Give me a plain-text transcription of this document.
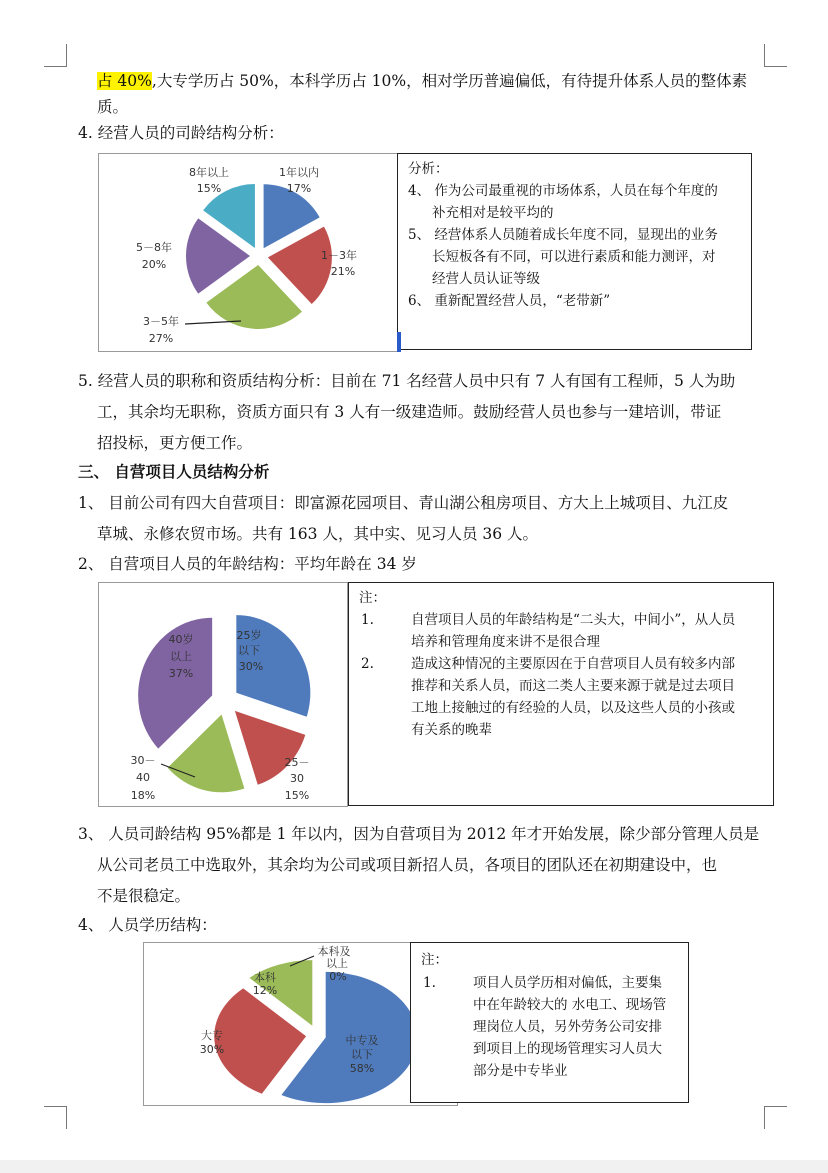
占 40%,大专学历占 50%，本科学历占 10%，相对学历普遍偏低，有待提升体系人员的整体素
质。
4. 经营人员的司龄结构分析：
8年以上
15%
1年以内
17%
1－3年
21%
5－8年
20%
3－5年
27%
分析：
4、 作为公司最重视的市场体系，人员在每个年度的
补充相对是较平均的
5、 经营体系人员随着成长年度不同，显现出的业务
长短板各有不同，可以进行素质和能力测评，对
经营人员认证等级
6、 重新配置经营人员，“老带新”
5. 经营人员的职称和资质结构分析：目前在 71 名经营人员中只有 7 人有国有工程师，5 人为助
工，其余均无职称，资质方面只有 3 人有一级建造师。鼓励经营人员也参与一建培训，带证
招投标，更方便工作。
三、 自营项目人员结构分析
1、 目前公司有四大自营项目：即富源花园项目、青山湖公租房项目、方大上上城项目、九江皮
草城、永修农贸市场。共有 163 人，其中实、见习人员 36 人。
2、 自营项目人员的年龄结构：平均年龄在 34 岁
25岁
以下
30%
40岁
以上
37%
25－
30
15%
30－
40
18%
注：
1.	自营项目人员的年龄结构是“二头大，中间小”，从人员
培养和管理角度来讲不是很合理
2.	造成这种情况的主要原因在于自营项目人员有较多内部
推荐和关系人员，而这二类人主要来源于就是过去项目
工地上接触过的有经验的人员，以及这些人员的小孩或
有关系的晚辈
3、 人员司龄结构 95%都是 1 年以内，因为自营项目为 2012 年才开始发展，除少部分管理人员是
从公司老员工中选取外，其余均为公司或项目新招人员，各项目的团队还在初期建设中，也
不是很稳定。
4、 人员学历结构：
中专及
以下
58%
大专
30%
本科
12%
本科及
以上
0%
注：
1.	项目人员学历相对偏低，主要集
中在年龄较大的 水电工、现场管
理岗位人员，另外劳务公司安排
到项目上的现场管理实习人员大
部分是中专毕业
